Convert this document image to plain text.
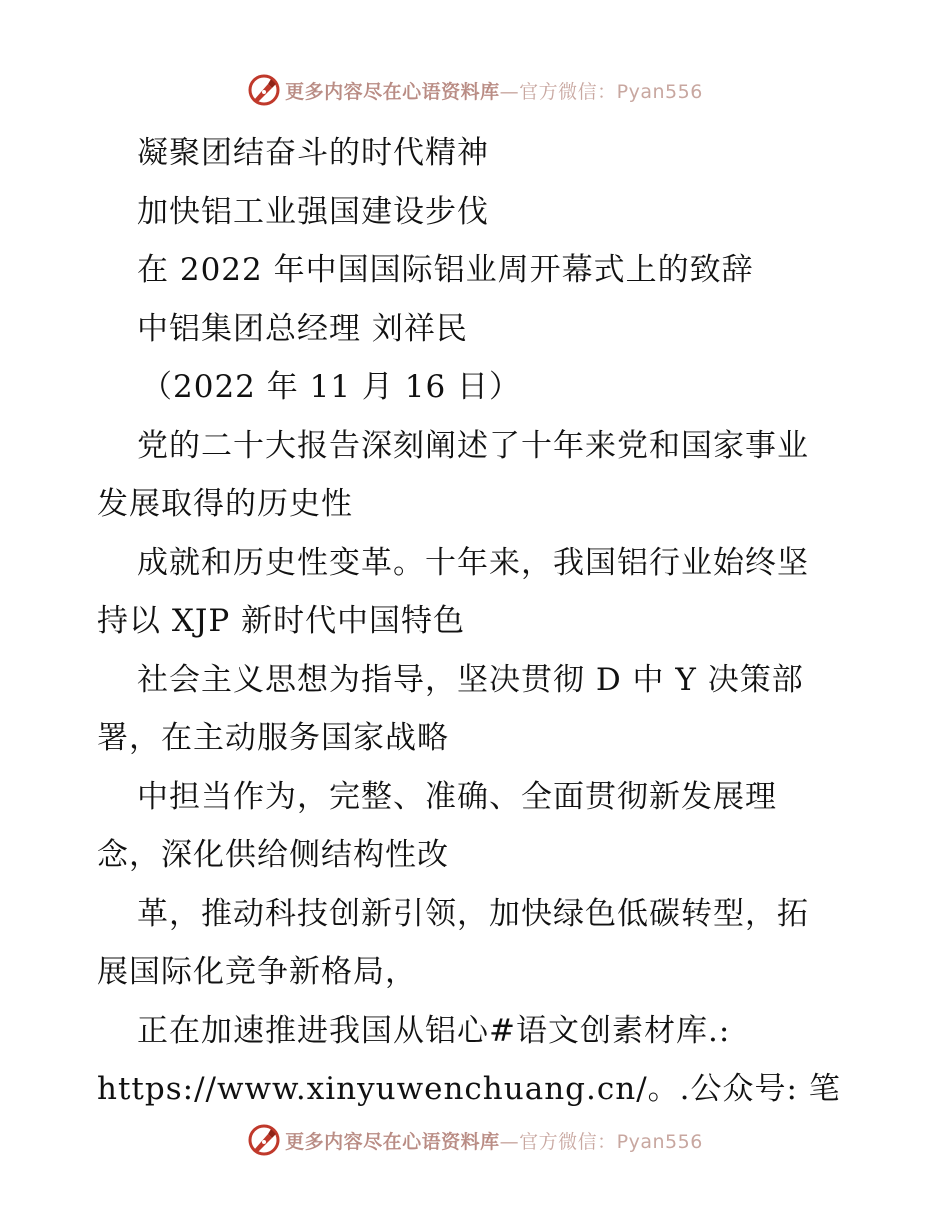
更多内容尽在心语资料库—官方微信：Pyan556
凝聚团结奋斗的时代精神
加快铝工业强国建设步伐
在 2022 年中国国际铝业周开幕式上的致辞
中铝集团总经理 刘祥民
（2022 年 11 月 16 日）
党的二十大报告深刻阐述了十年来党和国家事业
发展取得的历史性
成就和历史性变革。十年来，我国铝行业始终坚
持以 XJP 新时代中国特色
社会主义思想为指导，坚决贯彻 D 中 Y 决策部
署，在主动服务国家战略
中担当作为，完整、准确、全面贯彻新发展理
念，深化供给侧结构性改
革，推动科技创新引领，加快绿色低碳转型，拓
展国际化竞争新格局，
正在加速推进我国从铝心#语文创素材库.:
https://www.xinyuwenchuang.cn/。.公众号: 笔
更多内容尽在心语资料库—官方微信：Pyan556
